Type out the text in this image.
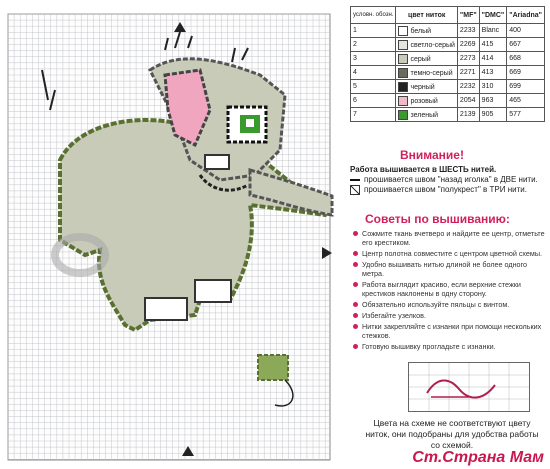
условн. обозн.	цвет ниток	"MF"	"DMC"	"Ariadna"
1	белый	2233	Blanc	400
2	светло-серый	2269	415	667
3	серый	2273	414	668
4	темно-серый	2271	413	669
5	черный	2232	310	699
6	розовый	2054	963	465
7	зеленый	2139	905	577
Внимание!
Работа вышивается в ШЕСТЬ нитей.
прошивается швом "назад иголка" в ДВЕ нити.
прошивается швом "полукрест" в ТРИ нити.
Советы по вышиванию:
Сожмите ткань вчетверо и найдите ее центр, отметьте его крестиком.
Центр полотна совместите с центром цветной схемы.
Удобно вышивать нитью длиной не более одного метра.
Работа выглядит красиво, если верхние стежки крестиков наклонены в одну сторону.
Обязательно используйте пяльцы с винтом.
Избегайте узелков.
Нитки закрепляйте с изнанки при помощи нескольких стежков.
Готовую вышивку прогладьте с изнанки.
Цвета на схеме не соответствуют цвету ниток, они подобраны для удобства работы со схемой.
Ст.Страна Мам
